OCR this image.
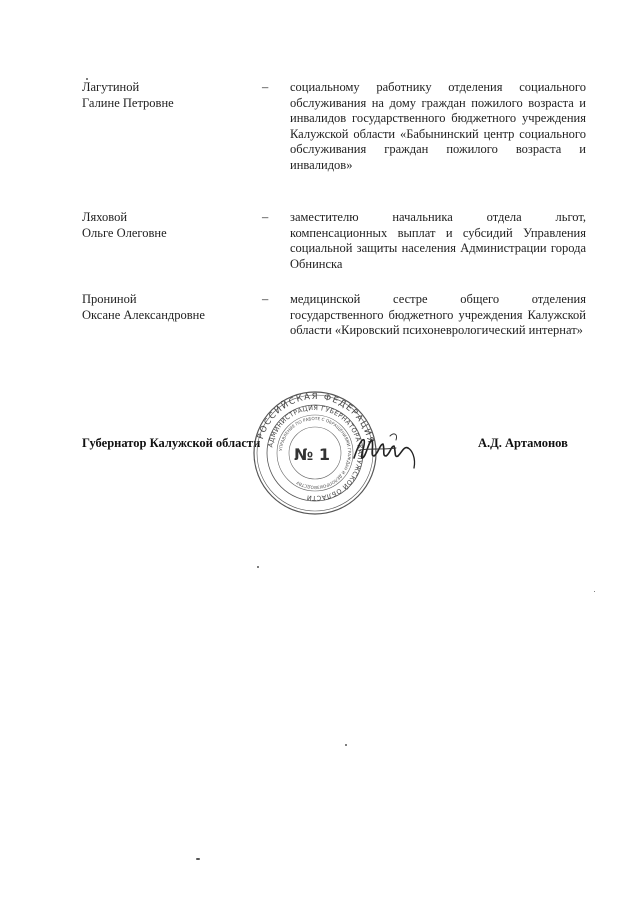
Лагутиной
Галине Петровне
– социальному работнику отделения социального обслуживания на дому граждан пожилого возраста и инвалидов государственного бюджетного учреждения Калужской области «Бабынинский центр социального обслуживания граждан пожилого возраста и инвалидов»
Ляховой
Ольге Олеговне
– заместителю начальника отдела льгот, компенсационных выплат и субсидий Управления социальной защиты населения Администрации города Обнинска
Прониной
Оксане Александровне
– медицинской сестре общего отделения государственного бюджетного учреждения Калужской области «Кировский психоневрологический интернат»
Губернатор Калужской области	А.Д. Артамонов
РОССИЙСКАЯ ФЕДЕРАЦИЯ
АДМИНИСТРАЦИЯ ГУБЕРНАТОРА КАЛУЖСКОЙ ОБЛАСТИ
УПРАВЛЕНИЕ ПО РАБОТЕ С ОБРАЩЕНИЯМИ ГРАЖДАН И ДЕЛОПРОИЗВОДСТВУ
№ 1
